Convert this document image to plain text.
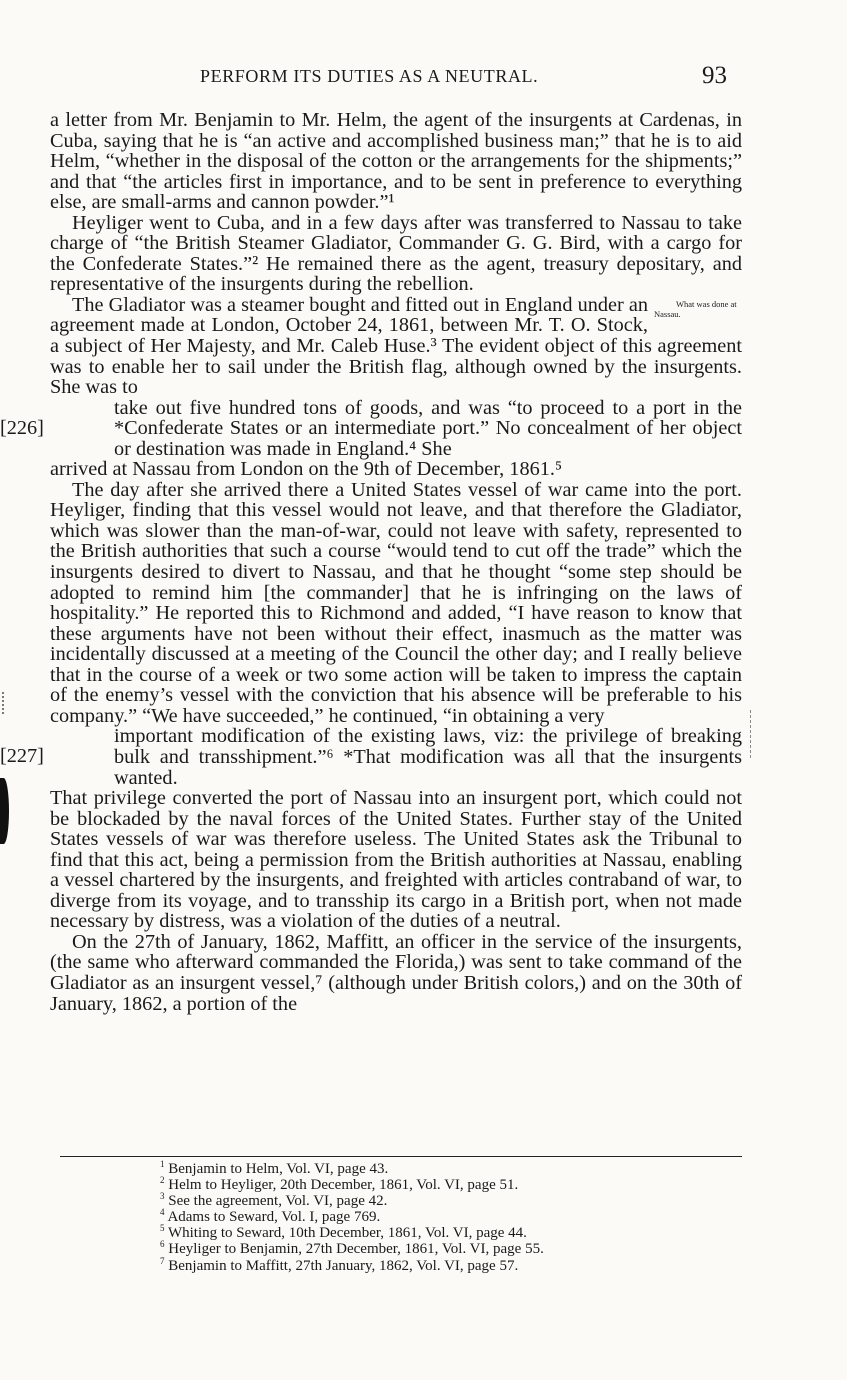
PERFORM ITS DUTIES AS A NEUTRAL.	93

a letter from Mr. Benjamin to Mr. Helm, the agent of the insurgents at Cardenas, in Cuba, saying that he is “an active and accomplished business man;” that he is to aid Helm, “whether in the disposal of the cotton or the arrangements for the shipments;” and that “the articles first in importance, and to be sent in preference to everything else, are small-arms and cannon powder.”¹

Heyliger went to Cuba, and in a few days after was transferred to Nassau to take charge of “the British Steamer Gladiator, Commander G. G. Bird, with a cargo for the Confederate States.”² He remained there as the agent, treasury depositary, and representative of the insurgents during the rebellion.

What was done at Nassau.
The Gladiator was a steamer bought and fitted out in England under an agreement made at London, October 24, 1861, between Mr. T. O. Stock, a subject of Her Majesty, and Mr. Caleb Huse.³ The evident object of this agreement was to enable her to sail under the British flag, although owned by the insurgents. She was to

[226]
take out five hundred tons of goods, and was “to proceed to a port in the *Confederate States or an intermediate port.” No concealment of her object or destination was made in England.⁴ She

arrived at Nassau from London on the 9th of December, 1861.⁵

The day after she arrived there a United States vessel of war came into the port. Heyliger, finding that this vessel would not leave, and that therefore the Gladiator, which was slower than the man-of-war, could not leave with safety, represented to the British authorities that such a course “would tend to cut off the trade” which the insurgents desired to divert to Nassau, and that he thought “some step should be adopted to remind him [the commander] that he is infringing on the laws of hospitality.” He reported this to Richmond and added, “I have reason to know that these arguments have not been without their effect, inasmuch as the matter was incidentally discussed at a meeting of the Council the other day; and I really believe that in the course of a week or two some action will be taken to impress the captain of the enemy’s vessel with the conviction that his absence will be preferable to his company.” “We have succeeded,” he continued, “in obtaining a very

[227]
important modification of the existing laws, viz: the privilege of breaking bulk and transshipment.”⁶ *That modification was all that the insurgents wanted.

That privilege converted the port of Nassau into an insurgent port, which could not be blockaded by the naval forces of the United States. Further stay of the United States vessels of war was therefore useless. The United States ask the Tribunal to find that this act, being a permission from the British authorities at Nassau, enabling a vessel chartered by the insurgents, and freighted with articles contraband of war, to diverge from its voyage, and to transship its cargo in a British port, when not made necessary by distress, was a violation of the duties of a neutral.

On the 27th of January, 1862, Maffitt, an officer in the service of the insurgents, (the same who afterward commanded the Florida,) was sent to take command of the Gladiator as an insurgent vessel,⁷ (although under British colors,) and on the 30th of January, 1862, a portion of the

$^1$ Benjamin to Helm, Vol. VI, page 43.
$^2$ Helm to Heyliger, 20th December, 1861, Vol. VI, page 51.
$^3$ See the agreement, Vol. VI, page 42.
$^4$ Adams to Seward, Vol. I, page 769.
$^5$ Whiting to Seward, 10th December, 1861, Vol. VI, page 44.
$^6$ Heyliger to Benjamin, 27th December, 1861, Vol. VI, page 55.
$^7$ Benjamin to Maffitt, 27th January, 1862, Vol. VI, page 57.
